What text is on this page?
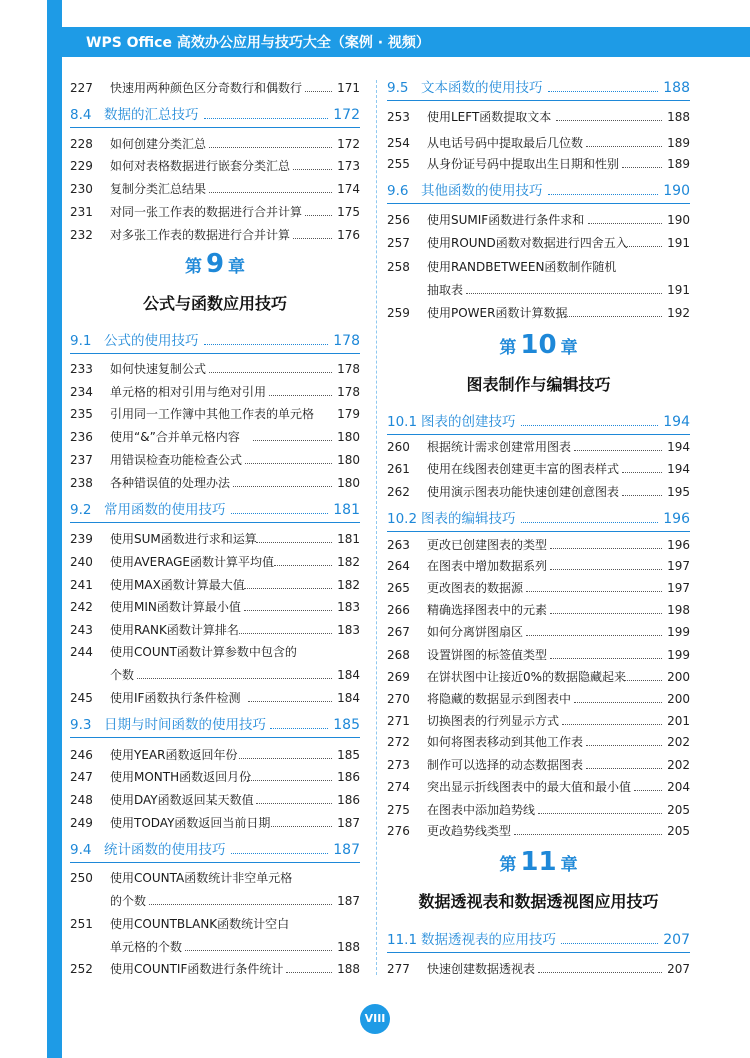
WPS Office 高效办公应用与技巧大全（案例 · 视频）
227	快速用两种颜色区分奇数行和偶数行	171
8.4 数据的汇总技巧	172
228	如何创建分类汇总	172
229	如何对表格数据进行嵌套分类汇总	173
230	复制分类汇总结果	174
231	对同一张工作表的数据进行合并计算	175
232	对多张工作表的数据进行合并计算	176
第 9 章
公式与函数应用技巧
9.1 公式的使用技巧	178
233	如何快速复制公式	178
234	单元格的相对引用与绝对引用	178
235	引用同一工作簿中其他工作表的单元格 179
236	使用“&”合并单元格内容	180
237	用错误检查功能检查公式	180
238	各种错误值的处理办法	180
9.2 常用函数的使用技巧	181
239	使用SUM函数进行求和运算	181
240	使用AVERAGE函数计算平均值	182
241	使用MAX函数计算最大值	182
242	使用MIN函数计算最小值	183
243	使用RANK函数计算排名	183
244	使用COUNT函数计算参数中包含的
个数	184
245	使用IF函数执行条件检测	184
9.3 日期与时间函数的使用技巧	185
246	使用YEAR函数返回年份	185
247	使用MONTH函数返回月份	186
248	使用DAY函数返回某天数值	186
249	使用TODAY函数返回当前日期	187
9.4 统计函数的使用技巧	187
250	使用COUNTA函数统计非空单元格
的个数	187
251	使用COUNTBLANK函数统计空白
单元格的个数	188
252	使用COUNTIF函数进行条件统计	188
9.5 文本函数的使用技巧	188
253	使用LEFT函数提取文本	188
254	从电话号码中提取最后几位数	189
255	从身份证号码中提取出生日期和性别	189
9.6 其他函数的使用技巧	190
256	使用SUMIF函数进行条件求和	190
257	使用ROUND函数对数据进行四舍五入	191
258	使用RANDBETWEEN函数制作随机
抽取表	191
259	使用POWER函数计算数据	192
第 10 章
图表制作与编辑技巧
10.1 图表的创建技巧	194
260	根据统计需求创建常用图表	194
261	使用在线图表创建更丰富的图表样式	194
262	使用演示图表功能快速创建创意图表	195
10.2 图表的编辑技巧	196
263	更改已创建图表的类型	196
264	在图表中增加数据系列	197
265	更改图表的数据源	197
266	精确选择图表中的元素	198
267	如何分离饼图扇区	199
268	设置饼图的标签值类型	199
269	在饼状图中让接近0%的数据隐藏起来	200
270	将隐藏的数据显示到图表中	200
271	切换图表的行列显示方式	201
272	如何将图表移动到其他工作表	202
273	制作可以选择的动态数据图表	202
274	突出显示折线图表中的最大值和最小值	204
275	在图表中添加趋势线	205
276	更改趋势线类型	205
第 11 章
数据透视表和数据透视图应用技巧
11.1 数据透视表的应用技巧	207
277	快速创建数据透视表	207
VIII
